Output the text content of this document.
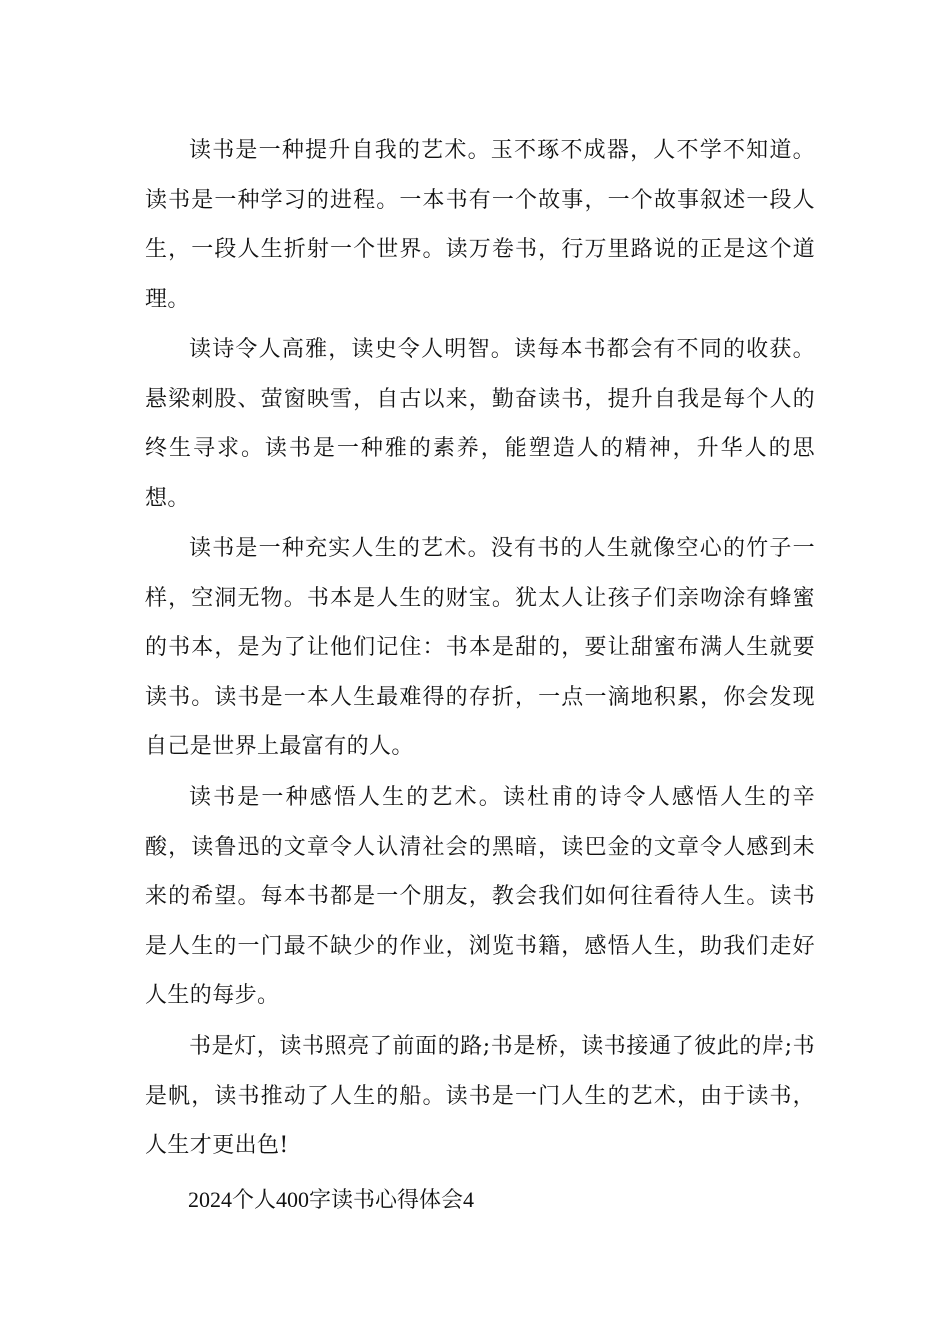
读书是一种提升自我的艺术。玉不琢不成器，人不学不知道。读书是一种学习的进程。一本书有一个故事，一个故事叙述一段人生，一段人生折射一个世界。读万卷书，行万里路说的正是这个道理。

读诗令人高雅，读史令人明智。读每本书都会有不同的收获。悬梁刺股、萤窗映雪，自古以来，勤奋读书，提升自我是每个人的终生寻求。读书是一种雅的素养，能塑造人的精神，升华人的思想。

读书是一种充实人生的艺术。没有书的人生就像空心的竹子一样，空洞无物。书本是人生的财宝。犹太人让孩子们亲吻涂有蜂蜜的书本，是为了让他们记住：书本是甜的，要让甜蜜布满人生就要读书。读书是一本人生最难得的存折，一点一滴地积累，你会发现自己是世界上最富有的人。

读书是一种感悟人生的艺术。读杜甫的诗令人感悟人生的辛酸，读鲁迅的文章令人认清社会的黑暗，读巴金的文章令人感到未来的希望。每本书都是一个朋友，教会我们如何往看待人生。读书是人生的一门最不缺少的作业，浏览书籍，感悟人生，助我们走好人生的每步。

书是灯，读书照亮了前面的路;书是桥，读书接通了彼此的岸;书是帆，读书推动了人生的船。读书是一门人生的艺术，由于读书，人生才更出色!

2024个人400字读书心得体会4
